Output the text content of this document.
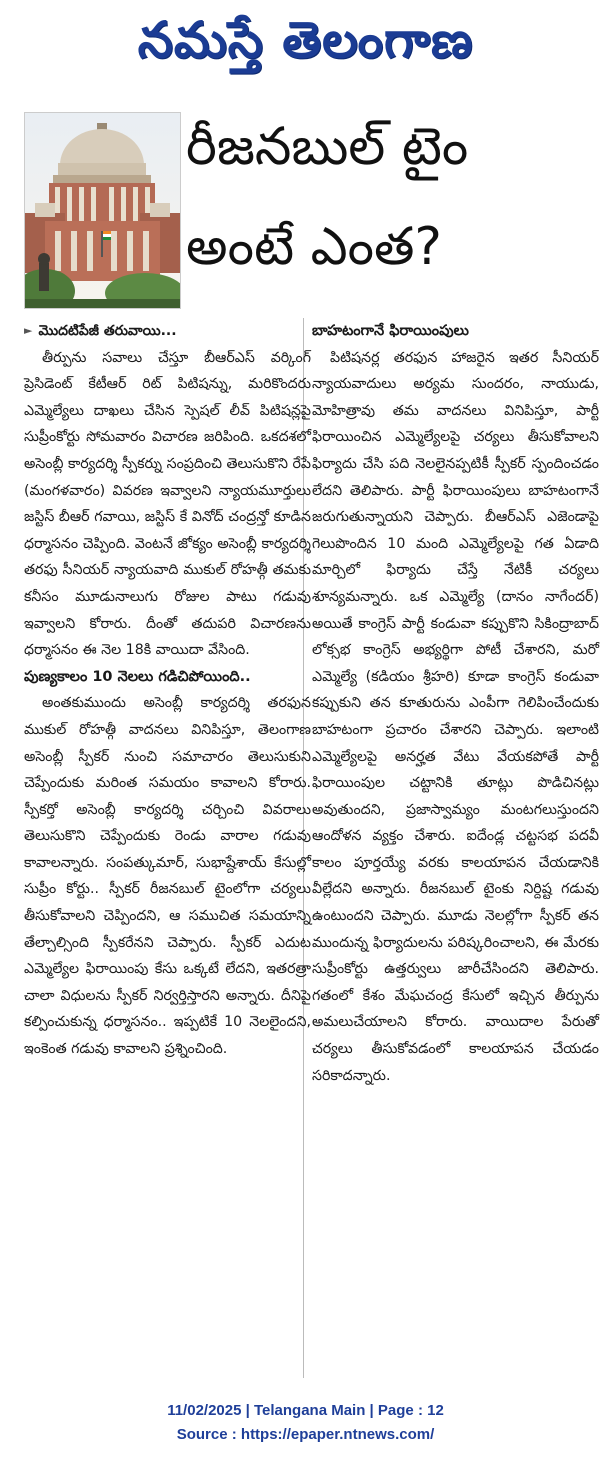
నమస్తే తెలంగాణ
రీజనబుల్ టైం
అంటే ఎంత?

► మొదటిపేజీ తరువాయి...

తీర్పును సవాలు చేస్తూ బీఆర్ఎస్ వర్కింగ్ ప్రెసిడెంట్ కేటీఆర్ రిట్ పిటిషన్ను, మరికొందరు ఎమ్మెల్యేలు దాఖలు చేసిన స్పెషల్ లీవ్ పిటిషన్లపై సుప్రీంకోర్టు సోమవారం విచారణ జరిపింది. ఒకదశలో అసెంబ్లీ కార్యదర్శి స్పీకర్ను సంప్రదించి తెలుసుకొని రేపే (మంగళవారం) వివరణ ఇవ్వాలని న్యాయమూర్తులు జస్టిస్ బీఆర్ గవాయి, జస్టిస్ కే వినోద్ చంద్రన్తో కూడిన ధర్మాసనం చెప్పింది. వెంటనే జోక్యం అసెంబ్లీ కార్యదర్శి తరఫు సీనియర్ న్యాయవాది ముకుల్ రోహత్గీ తమకు కనీసం మూడునాలుగు రోజుల పాటు గడువు ఇవ్వాలని కోరారు. దీంతో తదుపరి విచారణను ధర్మాసనం ఈ నెల 18కి వాయిదా వేసింది.

పుణ్యకాలం 10 నెలలు గడిచిపోయింది..

అంతకుముందు అసెంబ్లీ కార్యదర్శి తరఫున ముకుల్ రోహత్గీ వాదనలు వినిపిస్తూ, తెలంగాణ అసెంబ్లీ స్పీకర్ నుంచి సమాచారం తెలుసుకుని చెప్పేందుకు మరింత సమయం కావాలని కోరారు. స్పీకర్తో అసెంబ్లీ కార్యదర్శి చర్చించి వివరాలు తెలుసుకొని చెప్పేందుకు రెండు వారాల గడువు కావాలన్నారు. సంపత్కుమార్, సుభాష్దేశాయ్ కేసుల్లో సుప్రీం కోర్టు.. స్పీకర్ రీజనబుల్ టైంలోగా చర్యలు తీసుకోవాలని చెప్పిందని, ఆ సముచిత సమయాన్ని తేల్చాల్సింది స్పీకరేనని చెప్పారు. స్పీకర్ ఎదుట ఎమ్మెల్యేల ఫిరాయింపు కేసు ఒక్కటే లేదని, ఇతరత్రా చాలా విధులను స్పీకర్ నిర్వర్తిస్తారని అన్నారు. దీనిపై కల్పించుకున్న ధర్మాసనం.. ఇప్పటికే 10 నెలలైందని, ఇంకెంత గడువు కావాలని ప్రశ్నించింది.

బాహటంగానే ఫిరాయింపులు

పిటిషనర్ల తరఫున హాజరైన ఇతర సీనియర్ న్యాయవాదులు అర్యమ సుందరం, నాయుడు, మోహిత్రావు తమ వాదనలు వినిపిస్తూ, పార్టీ ఫిరాయించిన ఎమ్మెల్యేలపై చర్యలు తీసుకోవాలని ఫిర్యాదు చేసి పది నెలలైనప్పటికీ స్పీకర్ స్పందించడం లేదని తెలిపారు. పార్టీ ఫిరాయింపులు బాహటంగానే జరుగుతున్నాయని చెప్పారు. బీఆర్ఎస్ ఎజెండాపై గెలుపొందిన 10 మంది ఎమ్మెల్యేలపై గత ఏడాది మార్చిలో ఫిర్యాదు చేస్తే నేటికీ చర్యలు శూన్యమన్నారు. ఒక ఎమ్మెల్యే (దానం నాగేందర్) అయితే కాంగ్రెస్ పార్టీ కండువా కప్పుకొని సికింద్రాబాద్ లోక్సభ కాంగ్రెస్ అభ్యర్థిగా పోటీ చేశారని, మరో ఎమ్మెల్యే (కడియం శ్రీహరి) కూడా కాంగ్రెస్ కండువా కప్పుకుని తన కూతురును ఎంపీగా గెలిపించేందుకు బాహటంగా ప్రచారం చేశారని చెప్పారు. ఇలాంటి ఎమ్మెల్యేలపై అనర్హత వేటు వేయకపోతే పార్టీ ఫిరాయింపుల చట్టానికి తూట్లు పొడిచినట్లు అవుతుందని, ప్రజాస్వామ్యం మంటగలుస్తుందని ఆందోళన వ్యక్తం చేశారు. ఐదేండ్ల చట్టసభ పదవీ కాలం పూర్తయ్యే వరకు కాలయాపన చేయడానికి వీల్లేదని అన్నారు. రీజనబుల్ టైంకు నిర్దిష్ట గడువు ఉంటుందని చెప్పారు. మూడు నెలల్లోగా స్పీకర్ తన ముందున్న ఫిర్యాదులను పరిష్కరించాలని, ఈ మేరకు సుప్రీంకోర్టు ఉత్తర్వులు జారీచేసిందని తెలిపారు. గతంలో కేశం మేఘచంద్ర కేసులో ఇచ్చిన తీర్పును అమలుచేయాలని కోరారు. వాయిదాల పేరుతో చర్యలు తీసుకోవడంలో కాలయాపన చేయడం సరికాదన్నారు.

11/02/2025 | Telangana Main | Page : 12
Source : https://epaper.ntnews.com/
